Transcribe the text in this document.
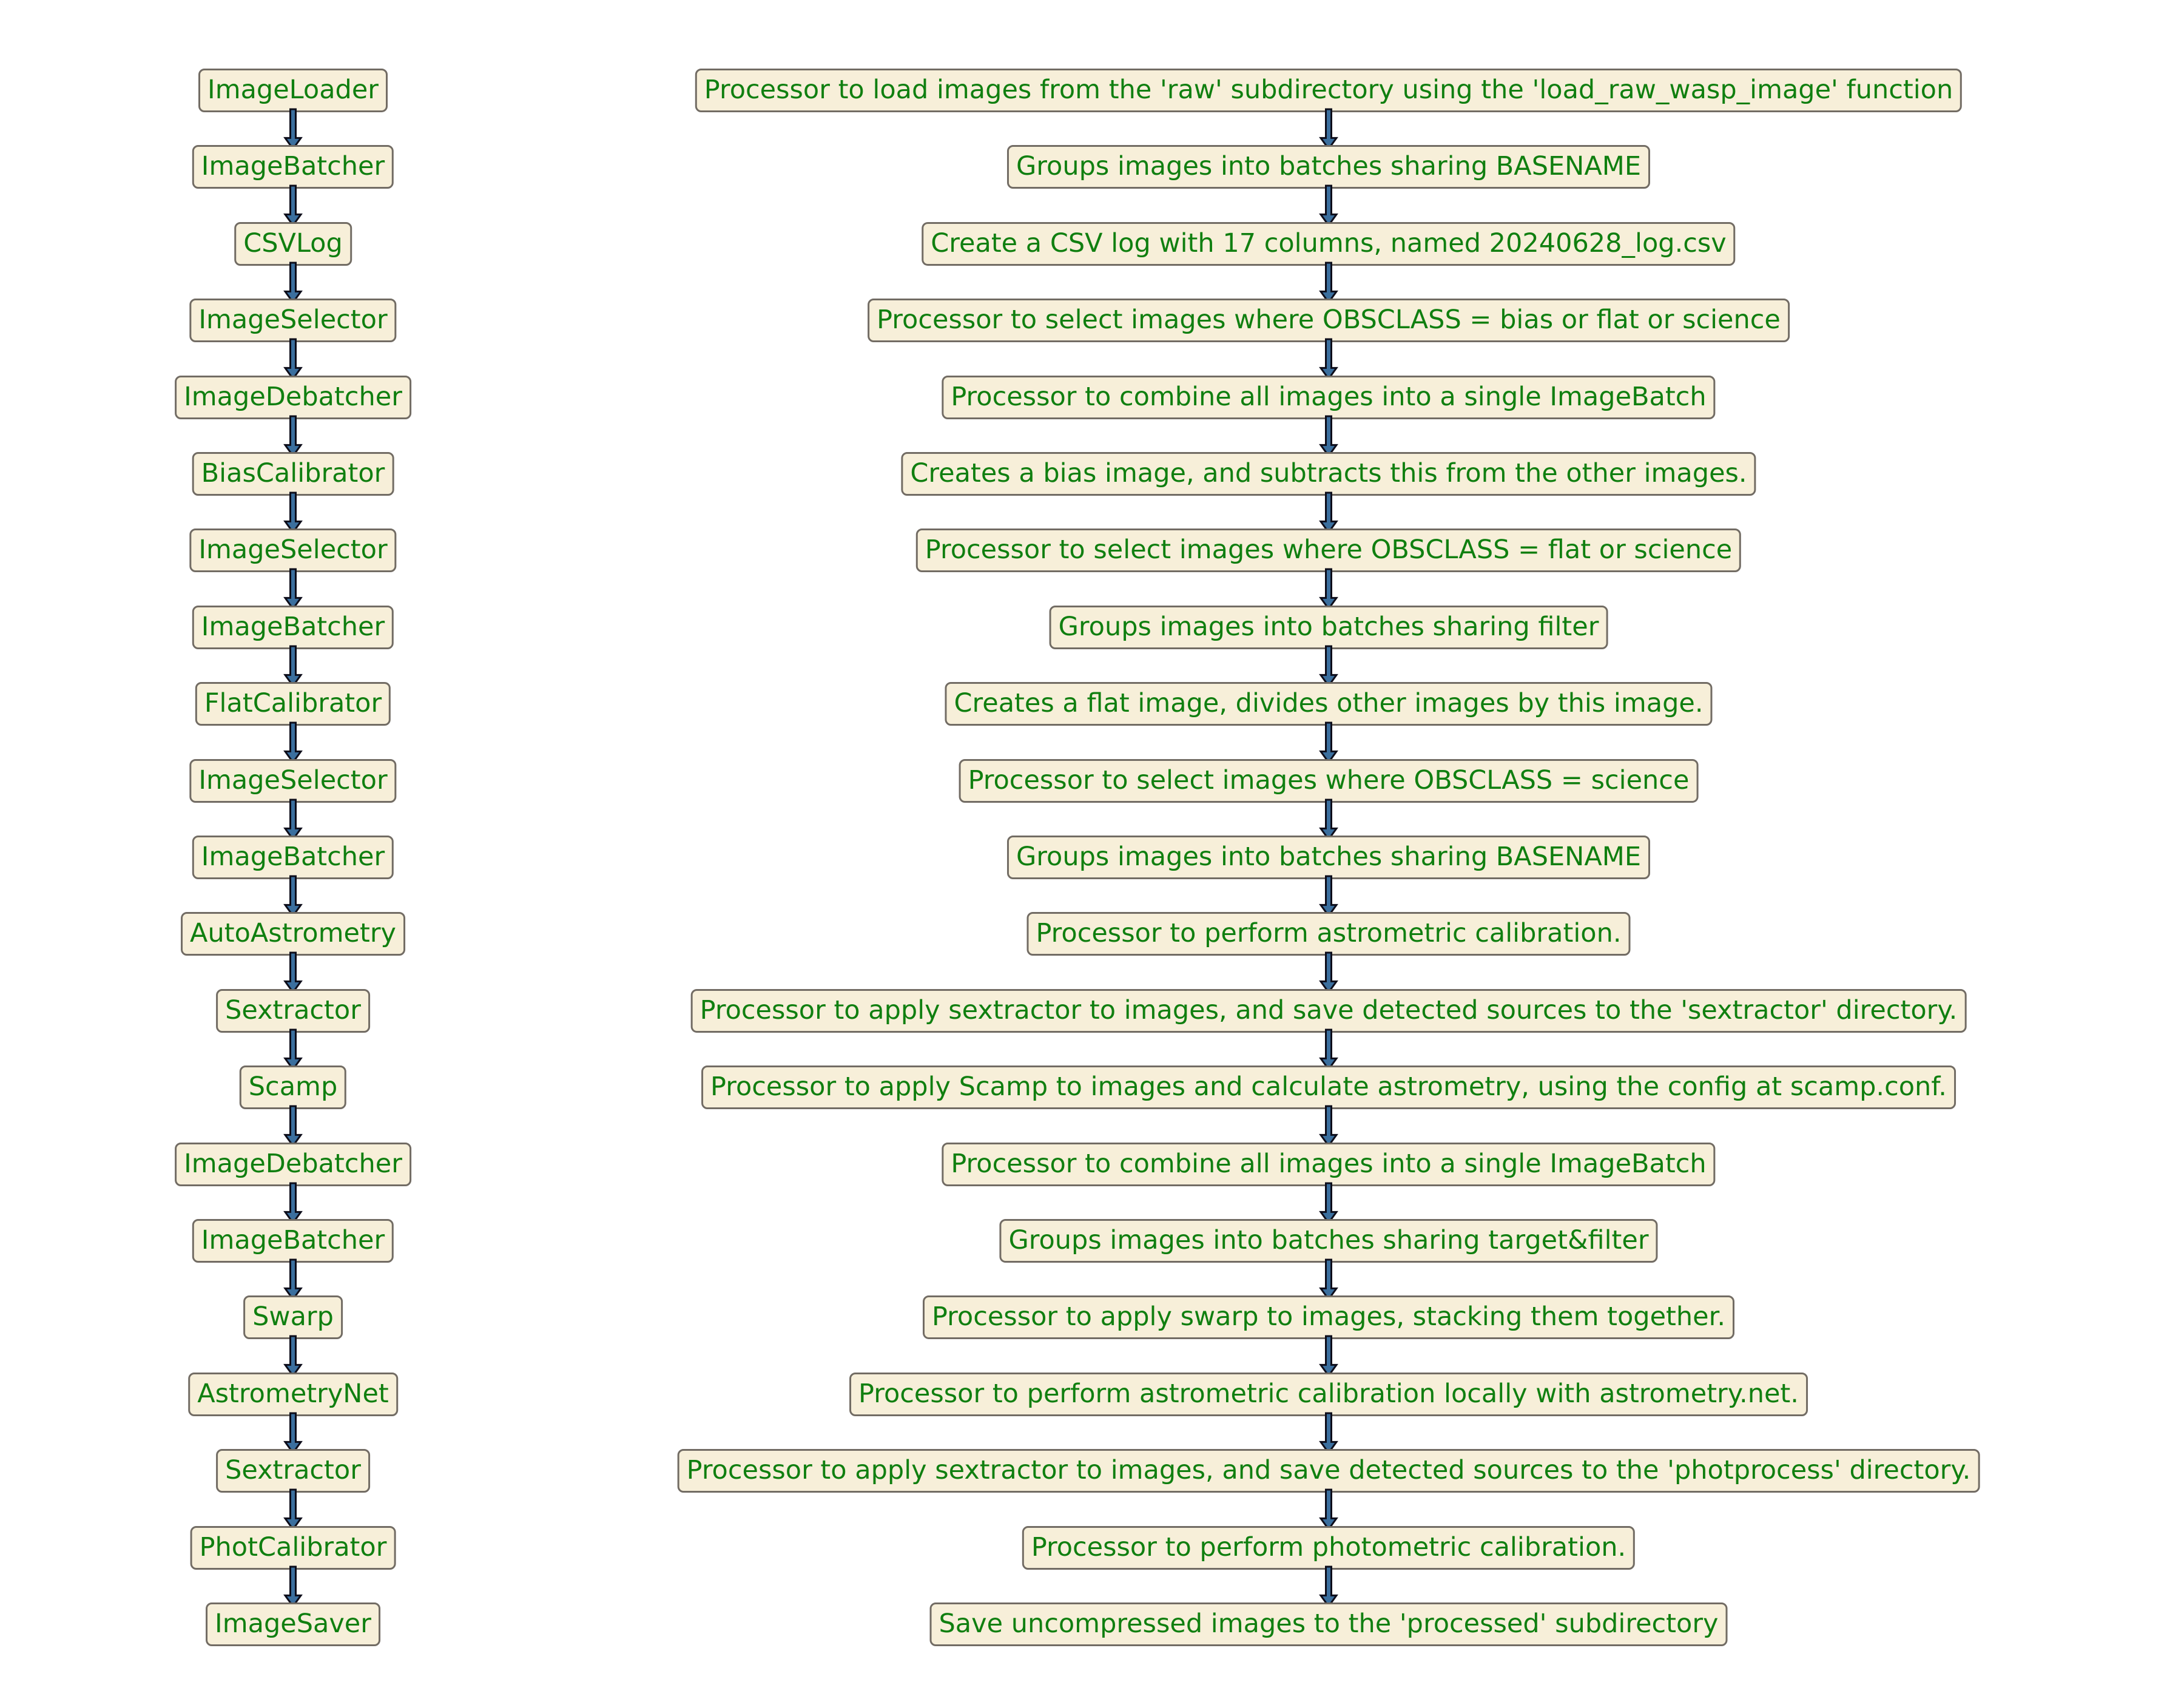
ImageLoader
ImageBatcher
CSVLog
ImageSelector
ImageDebatcher
BiasCalibrator
ImageSelector
ImageBatcher
FlatCalibrator
ImageSelector
ImageBatcher
AutoAstrometry
Sextractor
Scamp
ImageDebatcher
ImageBatcher
Swarp
AstrometryNet
Sextractor
PhotCalibrator
ImageSaver
Processor to load images from the 'raw' subdirectory using the 'load_raw_wasp_image' function
Groups images into batches sharing BASENAME
Create a CSV log with 17 columns, named 20240628_log.csv
Processor to select images where OBSCLASS = bias or flat or science
Processor to combine all images into a single ImageBatch
Creates a bias image, and subtracts this from the other images.
Processor to select images where OBSCLASS = flat or science
Groups images into batches sharing filter
Creates a flat image, divides other images by this image.
Processor to select images where OBSCLASS = science
Groups images into batches sharing BASENAME
Processor to perform astrometric calibration.
Processor to apply sextractor to images, and save detected sources to the 'sextractor' directory.
Processor to apply Scamp to images and calculate astrometry, using the config at scamp.conf.
Processor to combine all images into a single ImageBatch
Groups images into batches sharing target&filter
Processor to apply swarp to images, stacking them together.
Processor to perform astrometric calibration locally with astrometry.net.
Processor to apply sextractor to images, and save detected sources to the 'photprocess' directory.
Processor to perform photometric calibration.
Save uncompressed images to the 'processed' subdirectory
